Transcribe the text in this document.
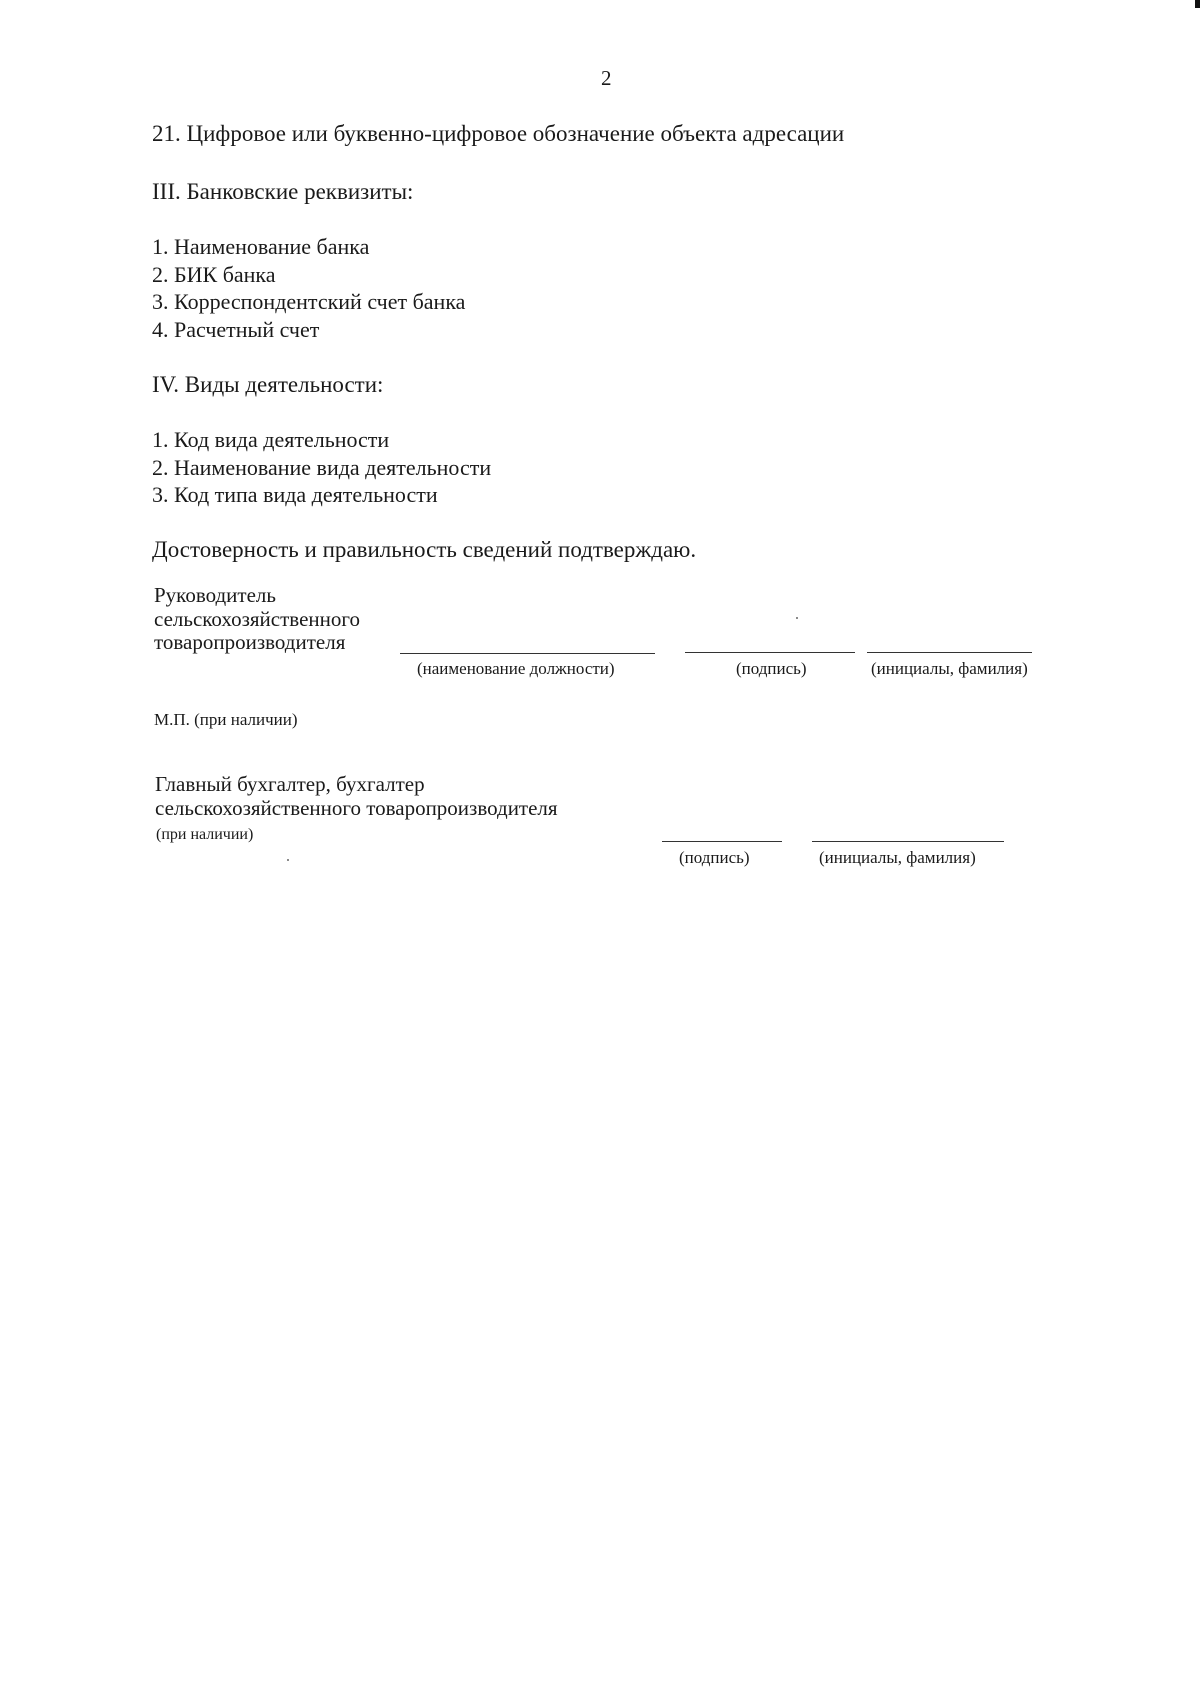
2
21. Цифровое или буквенно-цифровое обозначение объекта адресации
III. Банковские реквизиты:
1. Наименование банка
2. БИК банка
3. Корреспондентский счет банка
4. Расчетный счет
IV. Виды деятельности:
1. Код вида деятельности
2. Наименование вида деятельности
3. Код типа вида деятельности
Достоверность и правильность сведений подтверждаю.
Руководитель
сельскохозяйственного
товаропроизводителя
(наименование должности)	(подпись)	(инициалы, фамилия)
М.П. (при наличии)
Главный бухгалтер, бухгалтер
сельскохозяйственного товаропроизводителя
(при наличии)
(подпись)	(инициалы, фамилия)
